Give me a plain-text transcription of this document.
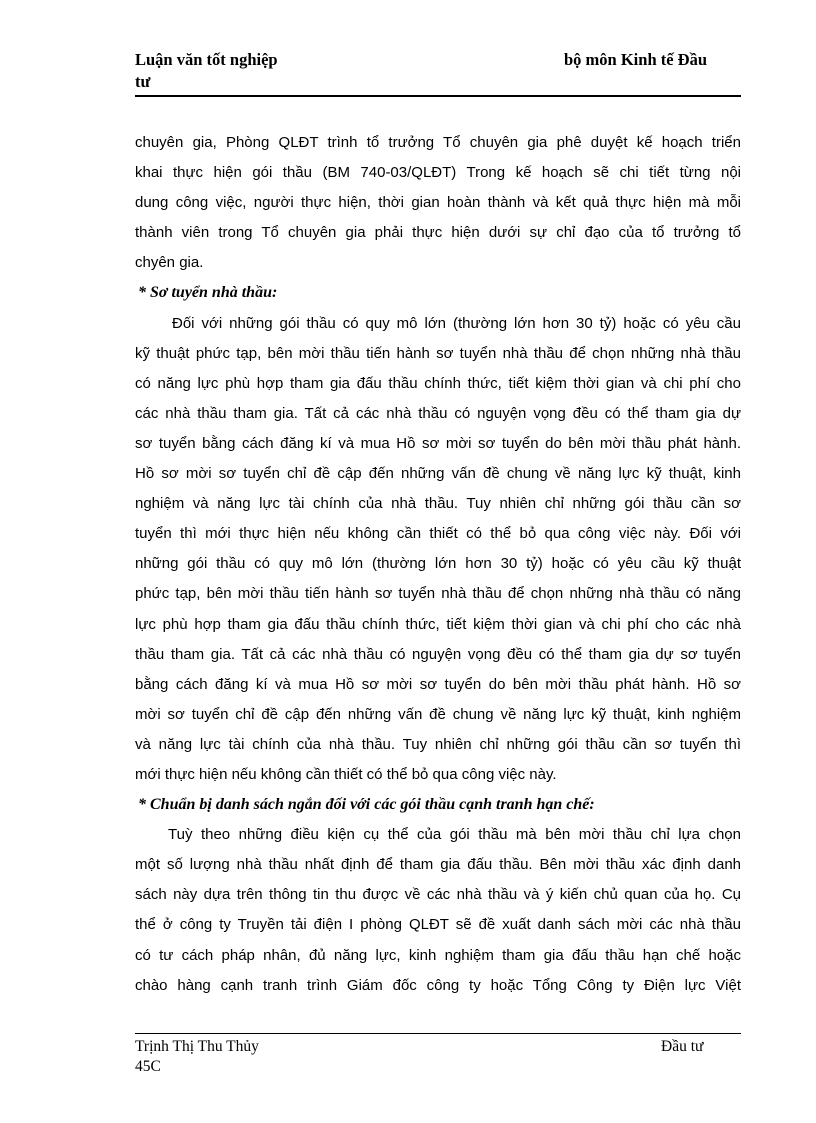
Luận văn tốt nghiệp
tư
bộ môn Kinh tế Đầu
chuyên gia, Phòng QLĐT trình tổ trưởng Tổ chuyên gia phê duyệt kế hoạch triển
khai thực hiện gói thầu (BM 740-03/QLĐT) Trong kế hoạch sẽ chi tiết từng nội
dung công việc, người thực hiện, thời gian hoàn thành và kết quả thực hiện mà mỗi
thành viên trong Tổ chuyên gia phải thực hiện dưới sự chỉ đạo của tổ trưởng tổ
chyên gia.
* Sơ tuyển nhà thầu:
Đối với những gói thầu có quy mô lớn (thường lớn hơn 30 tỷ) hoặc có yêu cầu
kỹ thuật phức tạp, bên mời thầu tiến hành sơ tuyển nhà thầu để chọn những nhà thầu
có năng lực phù hợp tham gia đấu thầu chính thức, tiết kiệm thời gian và chi phí cho
các nhà thầu tham gia. Tất cả các nhà thầu có nguyện vọng đều có thể tham gia dự
sơ tuyển bằng cách đăng kí và mua Hồ sơ mời sơ tuyển do bên mời thầu phát hành.
Hồ sơ mời sơ tuyển chỉ đề cập đến những vấn đề chung về năng lực kỹ thuật, kinh
nghiệm và năng lực tài chính của nhà thầu. Tuy nhiên chỉ những gói thầu cần sơ
tuyển thì mới thực hiện nếu không cần thiết có thể bỏ qua công việc này. Đối với
những gói thầu có quy mô lớn (thường lớn hơn 30 tỷ) hoặc có yêu cầu kỹ thuật
phức tạp, bên mời thầu tiến hành sơ tuyển nhà thầu để chọn những nhà thầu có năng
lực phù hợp tham gia đấu thầu chính thức, tiết kiệm thời gian và chi phí cho các nhà
thầu tham gia. Tất cả các nhà thầu có nguyện vọng đều có thể tham gia dự sơ tuyển
bằng cách đăng kí và mua Hồ sơ mời sơ tuyển do bên mời thầu phát hành. Hồ sơ
mời sơ tuyển chỉ đề cập đến những vấn đề chung về năng lực kỹ thuật, kinh nghiệm
và năng lực tài chính của nhà thầu. Tuy nhiên chỉ những gói thầu cần sơ tuyển thì
mới thực hiện nếu không cần thiết có thể bỏ qua công việc này.
* Chuẩn bị danh sách ngắn đối với các gói thầu cạnh tranh hạn chế:
Tuỳ theo những điều kiện cụ thể của gói thầu mà bên mời thầu chỉ lựa chọn
một số lượng nhà thầu nhất định để tham gia đấu thầu. Bên mời thầu xác định danh
sách này dựa trên thông tin thu được về các nhà thầu và ý kiến chủ quan của họ. Cụ
thể ở công ty Truyền tải điện I phòng QLĐT sẽ đề xuất danh sách mời các nhà thầu
có tư cách pháp nhân, đủ năng lực, kinh nghiệm tham gia đấu thầu hạn chế hoặc
chào hàng cạnh tranh trình Giám đốc công ty hoặc Tổng Công ty Điện lực Việt
Trịnh Thị Thu Thủy
45C
Đầu tư
